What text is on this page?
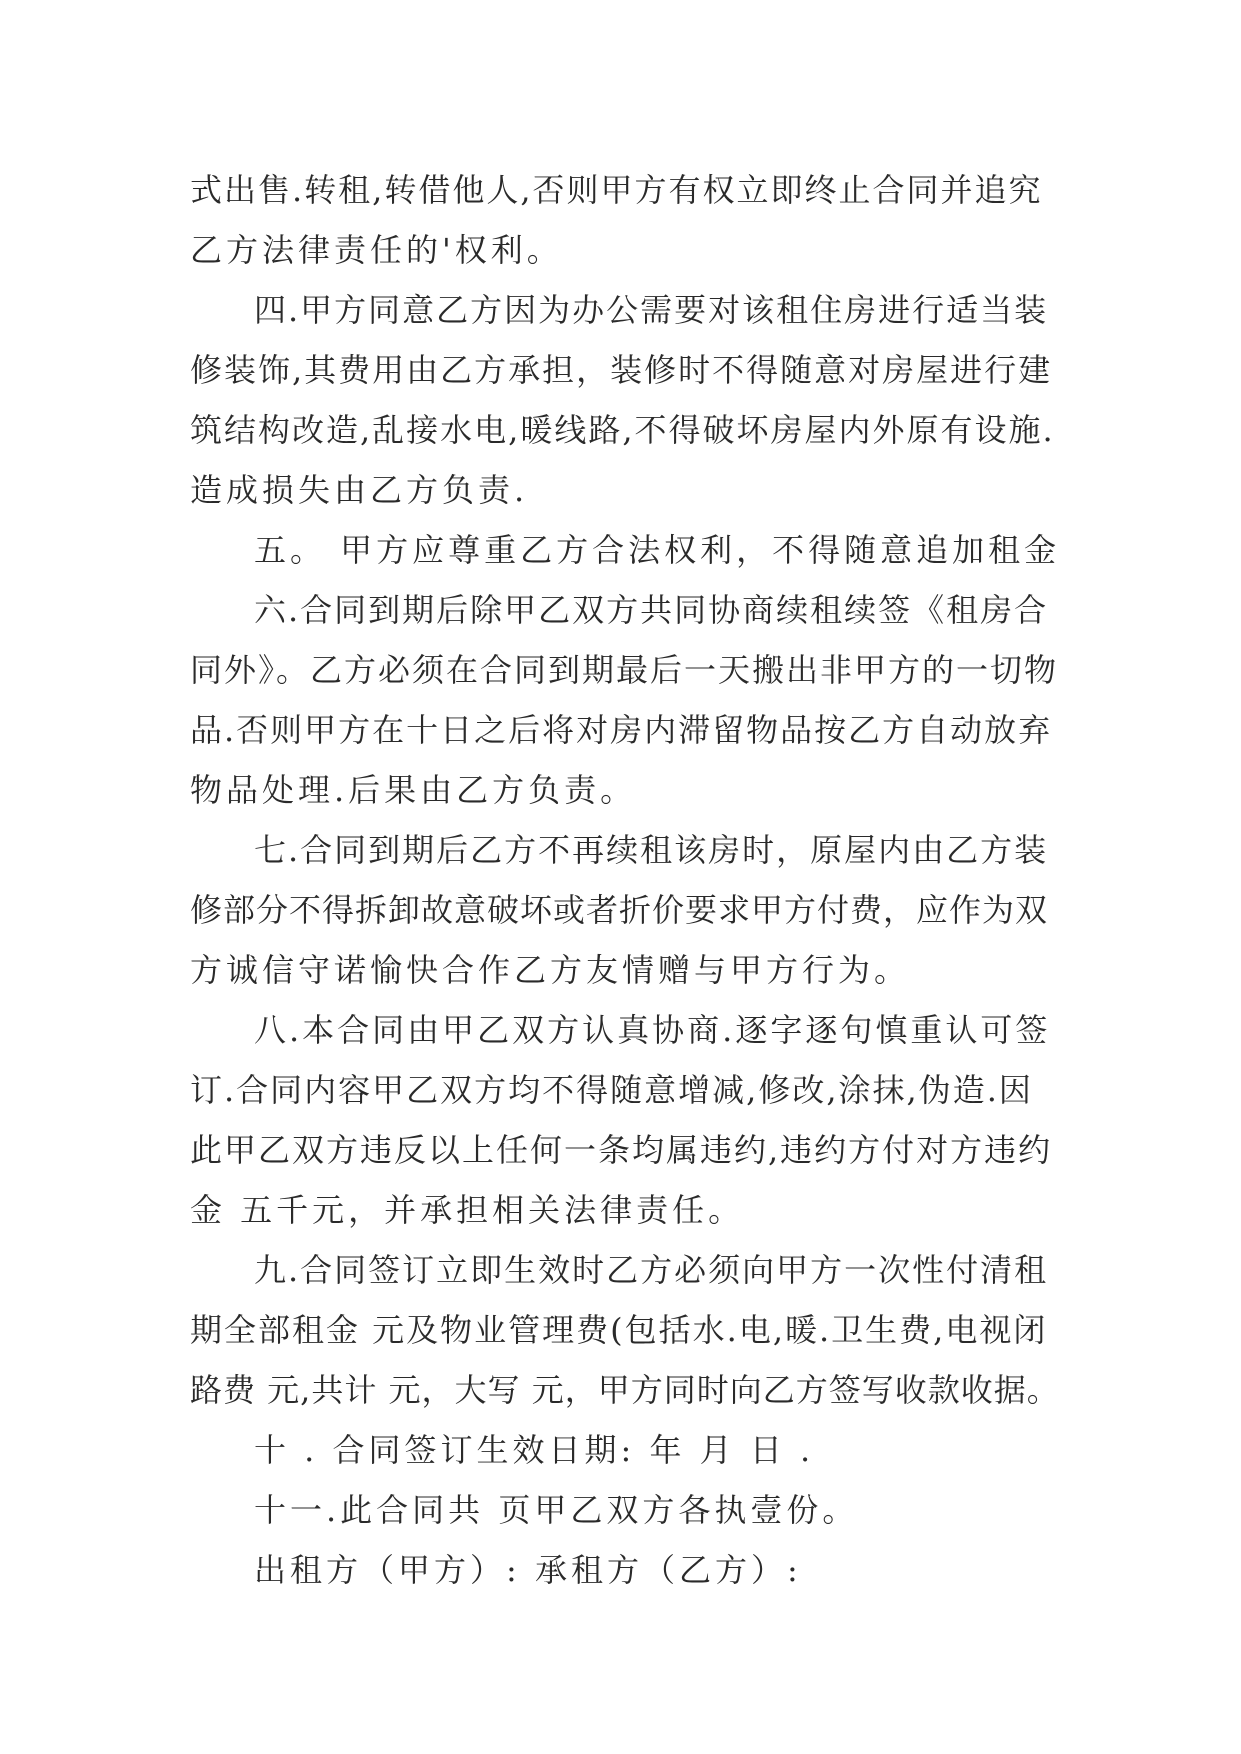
式出售.转租,转借他人,否则甲方有权立即终止合同并追究
乙方法律责任的'权利。
四.甲方同意乙方因为办公需要对该租住房进行适当装
修装饰,其费用由乙方承担，装修时不得随意对房屋进行建
筑结构改造,乱接水电,暖线路,不得破坏房屋内外原有设施.
造成损失由乙方负责.
五。 甲方应尊重乙方合法权利，不得随意追加租金
六.合同到期后除甲乙双方共同协商续租续签《租房合
同外》。乙方必须在合同到期最后一天搬出非甲方的一切物
品.否则甲方在十日之后将对房内滞留物品按乙方自动放弃
物品处理.后果由乙方负责。
七.合同到期后乙方不再续租该房时，原屋内由乙方装
修部分不得拆卸故意破坏或者折价要求甲方付费，应作为双
方诚信守诺愉快合作乙方友情赠与甲方行为。
八.本合同由甲乙双方认真协商.逐字逐句慎重认可签
订.合同内容甲乙双方均不得随意增减,修改,涂抹,伪造.因
此甲乙双方违反以上任何一条均属违约,违约方付对方违约
金 五千元，并承担相关法律责任。
九.合同签订立即生效时乙方必须向甲方一次性付清租
期全部租金 元及物业管理费(包括水.电,暖.卫生费,电视闭
路费 元,共计 元，大写 元，甲方同时向乙方签写收款收据。
十 . 合同签订生效日期: 年 月 日 .
十一.此合同共 页甲乙双方各执壹份。
出租方（甲方）: 承租方（乙方）:
